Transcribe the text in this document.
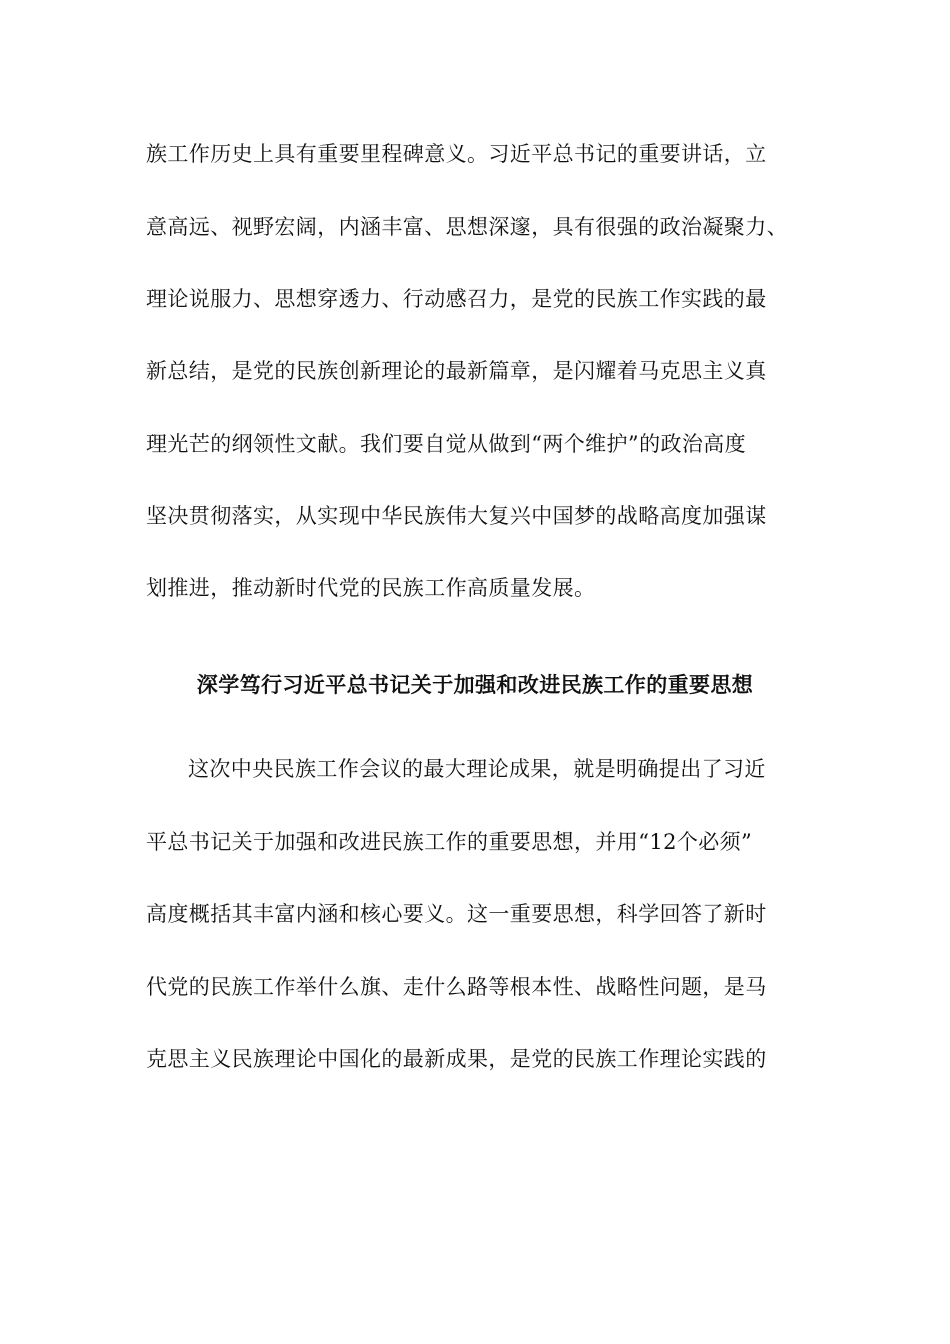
族工作历史上具有重要里程碑意义。习近平总书记的重要讲话，立
意高远、视野宏阔，内涵丰富、思想深邃，具有很强的政治凝聚力、
理论说服力、思想穿透力、行动感召力，是党的民族工作实践的最
新总结，是党的民族创新理论的最新篇章，是闪耀着马克思主义真
理光芒的纲领性文献。我们要自觉从做到“两个维护”的政治高度
坚决贯彻落实，从实现中华民族伟大复兴中国梦的战略高度加强谋
划推进，推动新时代党的民族工作高质量发展。
深学笃行习近平总书记关于加强和改进民族工作的重要思想
这次中央民族工作会议的最大理论成果，就是明确提出了习近
平总书记关于加强和改进民族工作的重要思想，并用“12个必须”
高度概括其丰富内涵和核心要义。这一重要思想，科学回答了新时
代党的民族工作举什么旗、走什么路等根本性、战略性问题，是马
克思主义民族理论中国化的最新成果，是党的民族工作理论实践的
